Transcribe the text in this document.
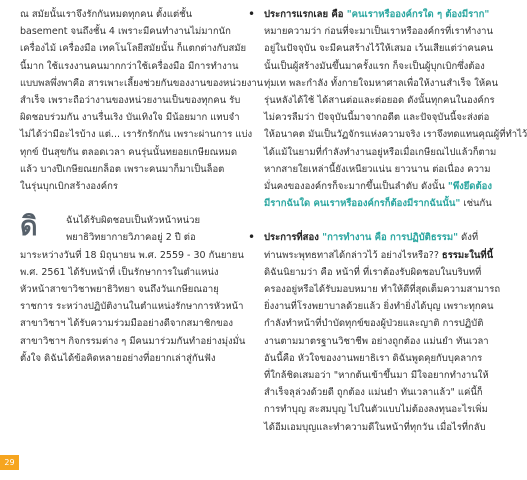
ณ สมัยนั้นเราจึงรักกันหมดทุกคน ตั้งแต่ชั้น
basement จนถึงชั้น 4 เพราะมีคนทำงานไม่มากนัก
เครื่องไม้ เครื่องมือ เทคโนโลยีสมัยนั้น ก็แตกต่างกับสมัย
นี้มาก ใช้แรงงานคนมากกว่าใช้เครื่องมือ มีการทำงาน
แบบพลพึ่งพาคือ สารเพาะเลี้ยงช่วยกันของงานของหน่วยงาน
สำเร็จ เพราะถือว่างานของหน่วยงานเป็นของทุกคน รับ
ผิดชอบร่วมกัน งานรื่นเริง บันเทิงใจ มีน้อยมาก แทบจำ
ไม่ได้ว่ามีอะไรบ้าง แต่... เรารักรักกัน เพราะผ่านการ แบ่ง
ทุกข์ ปันสุขกัน ตลอดเวลา คนรุ่นนั้นทยอยเกษียณหมด
แล้ว บางปีเกษียณยกล็อต เพราะคนมาก็มาเป็นล็อต
ในรุ่นบุกเบิกสร้างองค์กร
ดิ	ฉันได้รับผิดชอบเป็นหัวหน้าหน่วย
พยาธิวิทยากายวิภาคอยู่ 2 ปี ต่อ
มาระหว่างวันที่ 18 มิถุนายน พ.ศ. 2559 - 30 กันยายน
พ.ศ. 2561 ได้รับหน้าที่ เป็นรักษาการในตำแหน่ง
หัวหน้าสาขาวิชาพยาธิวิทยา จนถึงวันเกษียณอายุ
ราชการ ระหว่างปฏิบัติงานในตำแหน่งรักษาการหัวหน้า
สาขาวิชาฯ ได้รับความร่วมมืออย่างดีจากสมาชิกของ
สาขาวิชาฯ กิจกรรมต่าง ๆ มีคนมาร่วมกันทำอย่างมุ่งมั่น
ตั้งใจ ดิฉันได้ข้อคิดหลายอย่างที่อยากเล่าสู่กันฟัง
• ประการแรกเลย คือ "คนเราหรือองค์กรใด ๆ ต้องมีราก"
หมายความว่า ก่อนที่จะมาเป็นเราหรือองค์กรที่เราทำงาน
อยู่ในปัจจุบัน จะมีคนสร้างไว้ให้เสมอ เว้นเสียแต่ว่าคนคน
นั้นเป็นผู้สร้างมันขึ้นมาครั้งแรก ก็จะเป็นผู้บุกเบิกซึ่งต้อง
ทุ่มเท พละกำลัง ทั้งกายใจมหาศาลเพื่อให้งานสำเร็จ ให้คน
รุ่นหลังได้ใช้ ได้สานต่อและต่อยอด ดังนั้นทุกคนในองค์กร
ไม่ควรลืมว่า ปัจจุบันนี้มาจากอดีต และปัจจุบันนี้จะส่งต่อ
ให้อนาคต มันเป็นวัฏจักรแห่งความจริง เราจึงทดแทนคุณผู้ที่ทำไว้
ได้แม้ในยามที่กำลังทำงานอยู่หรือเมื่อเกษียณไปแล้วก็ตาม
หากสายใยเหล่านี้ยังเหนียวแน่น ยาวนาน ต่อเนื่อง ความ
มั่นคงขององค์กรก็จะมากขึ้นเป็นลำดับ ดังนั้น "พึงยึดต้อง
มีรากฉันใด คนเราหรือองค์กรก็ต้องมีรากฉันนั้น" เช่นกัน
• ประการที่สอง "การทำงาน คือ การปฏิบัติธรรม" ดังที่
ท่านพระพุทธทาสได้กล่าวไว้ อย่างไรหรือ?? ธรรมะในที่นี้
ดิฉันนิยามว่า คือ หน้าที่ ที่เราต้องรับผิดชอบในบริบทที่
ครองอยู่หรือได้รับมอบหมาย ทำให้ดีที่สุดเต็มความสามารถ
ยิ่งงานที่โรงพยาบาลด้วยแล้ว ยิ่งทำยิ่งได้บุญ เพราะทุกคน
กำลังทำหน้าที่บำบัดทุกข์ของผู้ป่วยและญาติ การปฏิบัติ
งานตามมาตรฐานวิชาชีพ อย่างถูกต้อง แม่นยำ ทันเวลา
อันนี้คือ หัวใจของงานพยาธิเรา ดิฉันพูดคุยกับบุคลากร
ที่ใกล้ชิดเสมอว่า "หากต้นเข้าขึ้นมา มีใจอยากทำงานให้
สำเร็จลุล่วงด้วยดี ถูกต้อง แม่นยำ ทันเวลาแล้ว" แค่นี้ก็
การทำบุญ สะสมบุญ ไปในตัวแบบไม่ต้องลงทุนอะไรเพิ่ม
ได้อีมเอมบุญและทำความดีในหน้าที่ทุกวัน เมื่อไรที่กลับ
29
